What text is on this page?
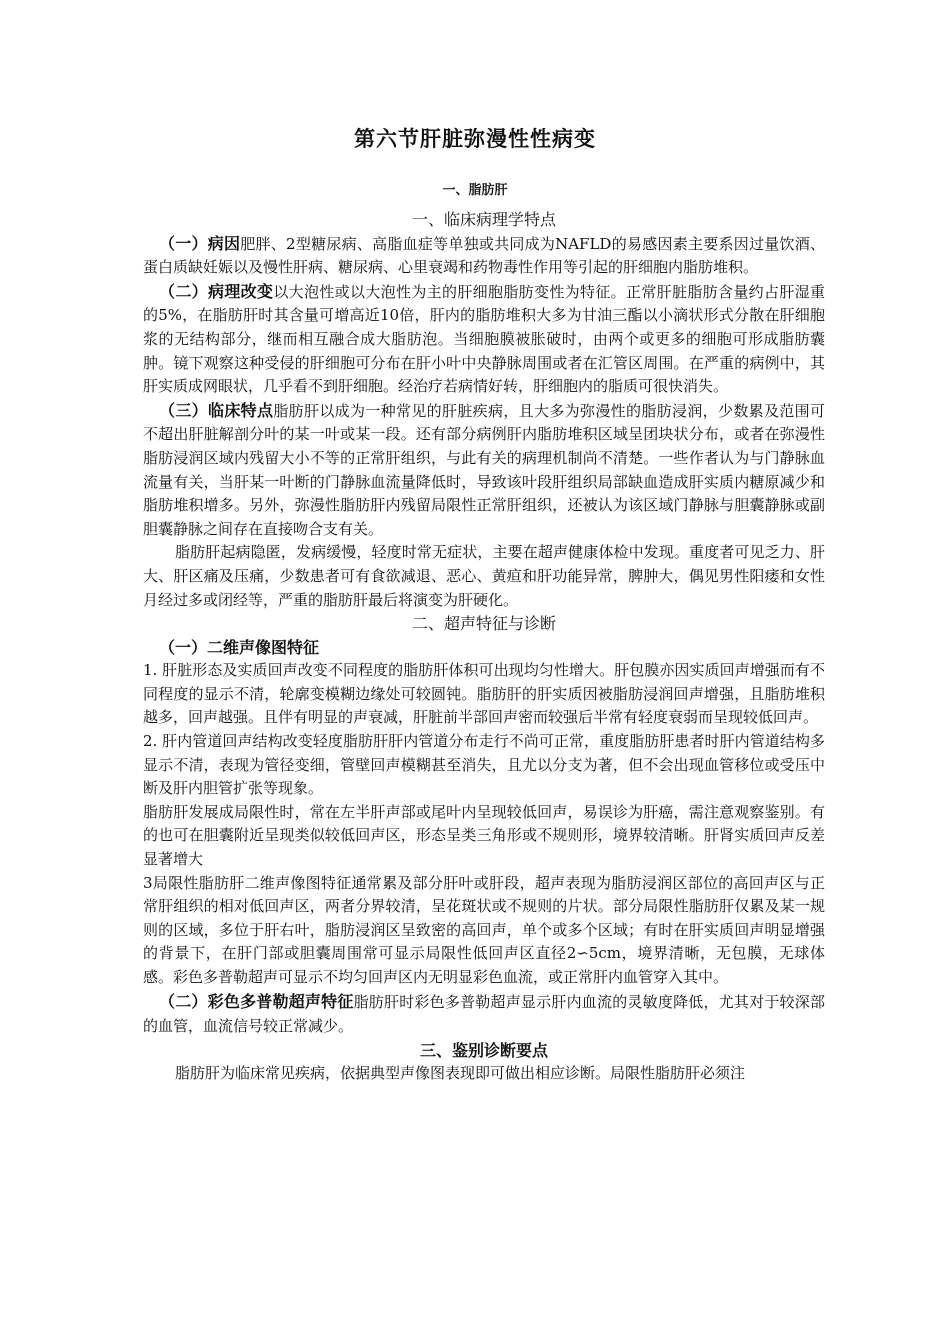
第六节肝脏弥漫性性病变
一、脂肪肝

一、临床病理学特点

（一）病因肥胖、2型糖尿病、高脂血症等单独或共同成为NAFLD的易感因素主要系因过量饮酒、蛋白质缺妊娠以及慢性肝病、糖尿病、心里衰竭和药物毒性作用等引起的肝细胞内脂肪堆积。

（二）病理改变以大泡性或以大泡性为主的肝细胞脂肪变性为特征。正常肝脏脂肪含量约占肝湿重的5%，在脂肪肝时其含量可增高近10倍，肝内的脂肪堆积大多为甘油三酯以小滴状形式分散在肝细胞浆的无结构部分，继而相互融合成大脂肪泡。当细胞膜被胀破时，由两个或更多的细胞可形成脂肪囊肿。镜下观察这种受侵的肝细胞可分布在肝小叶中央静脉周围或者在汇管区周围。在严重的病例中，其肝实质成网眼状，几乎看不到肝细胞。经治疗若病情好转，肝细胞内的脂质可很快消失。

（三）临床特点脂肪肝以成为一种常见的肝脏疾病，且大多为弥漫性的脂肪浸润，少数累及范围可不超出肝脏解剖分叶的某一叶或某一段。还有部分病例肝内脂肪堆积区域呈团块状分布，或者在弥漫性脂肪浸润区域内残留大小不等的正常肝组织，与此有关的病理机制尚不清楚。一些作者认为与门静脉血流量有关，当肝某一叶断的门静脉血流量降低时，导致该叶段肝组织局部缺血造成肝实质内糖原减少和脂肪堆积增多。另外，弥漫性脂肪肝内残留局限性正常肝组织，还被认为该区域门静脉与胆囊静脉或副胆囊静脉之间存在直接吻合支有关。

脂肪肝起病隐匿，发病缓慢，轻度时常无症状，主要在超声健康体检中发现。重度者可见乏力、肝大、肝区痛及压痛，少数患者可有食欲减退、恶心、黄疸和肝功能异常，脾肿大，偶见男性阳痿和女性月经过多或闭经等，严重的脂肪肝最后将演变为肝硬化。

二、超声特征与诊断

（一）二维声像图特征

1. 肝脏形态及实质回声改变不同程度的脂肪肝体积可出现均匀性增大。肝包膜亦因实质回声增强而有不同程度的显示不清，轮廓变模糊边缘处可较圆钝。脂肪肝的肝实质因被脂肪浸润回声增强，且脂肪堆积越多，回声越强。且伴有明显的声衰减，肝脏前半部回声密而较强后半常有轻度衰弱而呈现较低回声。

2. 肝内管道回声结构改变轻度脂肪肝肝内管道分布走行不尚可正常，重度脂肪肝患者时肝内管道结构多显示不清，表现为管径变细，管壁回声模糊甚至消失，且尤以分支为著，但不会出现血管移位或受压中断及肝内胆管扩张等现象。

脂肪肝发展成局限性时，常在左半肝声部或尾叶内呈现较低回声，易误诊为肝癌，需注意观察鉴别。有的也可在胆囊附近呈现类似较低回声区，形态呈类三角形或不规则形，境界较清晰。肝肾实质回声反差显著增大

3局限性脂肪肝二维声像图特征通常累及部分肝叶或肝段，超声表现为脂肪浸润区部位的高回声区与正常肝组织的相对低回声区，两者分界较清，呈花斑状或不规则的片状。部分局限性脂肪肝仅累及某一规则的区域，多位于肝右叶，脂肪浸润区呈致密的高回声，单个或多个区域；有时在肝实质回声明显增强的背景下，在肝门部或胆囊周围常可显示局限性低回声区直径2∽5cm，境界清晰，无包膜，无球体感。彩色多普勒超声可显示不均匀回声区内无明显彩色血流，或正常肝内血管穿入其中。

（二）彩色多普勒超声特征脂肪肝时彩色多普勒超声显示肝内血流的灵敏度降低，尤其对于较深部的血管，血流信号较正常减少。

三、鉴别诊断要点

脂肪肝为临床常见疾病，依据典型声像图表现即可做出相应诊断。局限性脂肪肝必须注
